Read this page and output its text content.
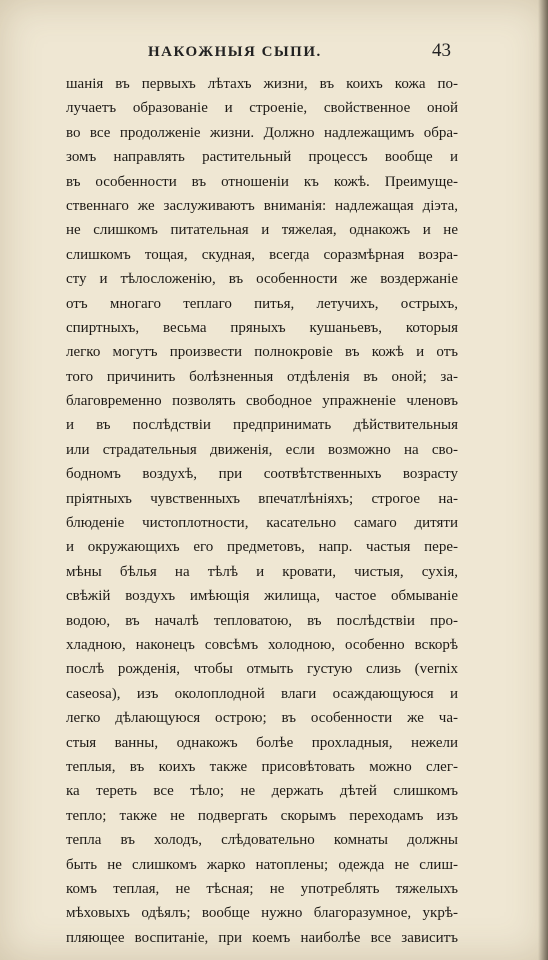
НАКОЖНЫЯ СЫПИ.	43
шанія въ первыхъ лѣтахъ жизни, въ коихъ кожа по-
лучаетъ образованіе и строеніе, свойственное оной
во все продолженіе жизни. Должно надлежащимъ обра-
зомъ направлять растительный процессъ вообще и
въ особенности въ отношеніи къ кожѣ. Преимуще-
ственнаго же заслуживаютъ вниманія: надлежащая діэта,
не слишкомъ питательная и тяжелая, однакожъ и не
слишкомъ тощая, скудная, всегда соразмѣрная возра-
сту и тѣлосложенію, въ особенности же воздержаніе
отъ многаго теплаго питья, летучихъ, острыхъ,
спиртныхъ, весьма пряныхъ кушаньевъ, которыя
легко могутъ произвести полнокровіе въ кожѣ и отъ
того причинить болѣзненныя отдѣленія въ оной; за-
благовременно позволять свободное упражненіе членовъ
и въ послѣдствіи предпринимать дѣйствительныя
или страдательныя движенія, если возможно на сво-
бодномъ воздухѣ, при соотвѣтственныхъ возрасту
пріятныхъ чувственныхъ впечатлѣніяхъ; строгое на-
блюденіе чистоплотности, касательно самаго дитяти
и окружающихъ его предметовъ, напр. частыя пере-
мѣны бѣлья на тѣлѣ и кровати, чистыя, сухія,
свѣжій воздухъ имѣющія жилища, частое обмываніе
водою, въ началѣ тепловатою, въ послѣдствіи про-
хладною, наконецъ совсѣмъ холодною, особенно вскорѣ
послѣ рожденія, чтобы отмыть густую слизь (vernix
caseosa), изъ околоплодной влаги осаждающуюся и
легко дѣлающуюся острою; въ особенности же ча-
стыя ванны, однакожъ болѣе прохладныя, нежели
теплыя, въ коихъ также присовѣтовать можно слег-
ка тереть все тѣло; не держать дѣтей слишкомъ
тепло; также не подвергать скорымъ переходамъ изъ
тепла въ холодъ, слѣдовательно комнаты должны
быть не слишкомъ жарко натоплены; одежда не слиш-
комъ теплая, не тѣсная; не употреблять тяжелыхъ
мѣховыхъ одѣялъ; вообще нужно благоразумное, укрѣ-
пляющее воспитаніе, при коемъ наиболѣе все зависитъ
